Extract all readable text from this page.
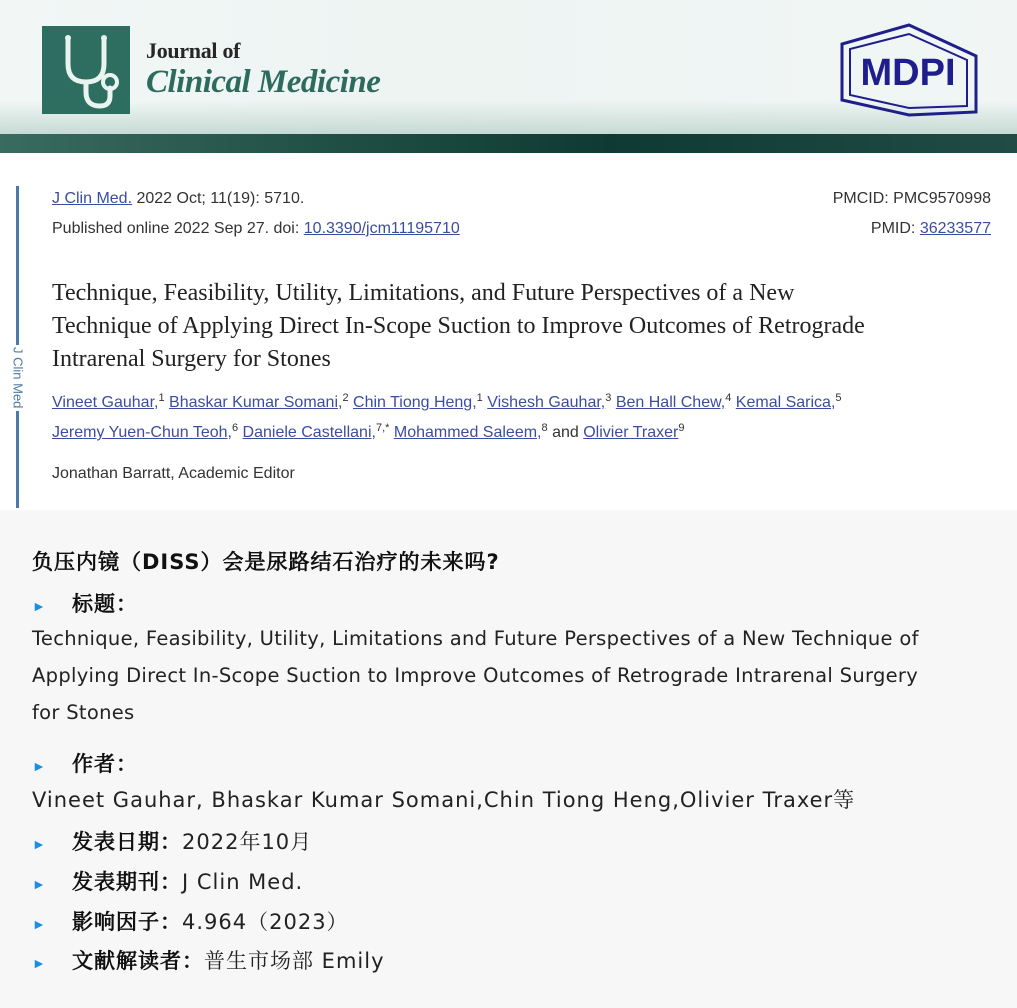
Journal of
Clinical Medicine	MDPI
J Clin Med
J Clin Med. 2022 Oct; 11(19): 5710.
Published online 2022 Sep 27. doi: 10.3390/jcm11195710
PMCID: PMC9570998
PMID: 36233577
Technique, Feasibility, Utility, Limitations, and Future Perspectives of a New
Technique of Applying Direct In-Scope Suction to Improve Outcomes of Retrograde
Intrarenal Surgery for Stones
Vineet Gauhar,$^1$ Bhaskar Kumar Somani,$^2$ Chin Tiong Heng,$^1$ Vishesh Gauhar,$^3$ Ben Hall Chew,$^4$ Kemal Sarica,$^5$
Jeremy Yuen-Chun Teoh,$^6$ Daniele Castellani,$^{7,*}$ Mohammed Saleem,$^8$ and Olivier Traxer$^9$
Jonathan Barratt, Academic Editor
负压内镜（DISS）会是尿路结石治疗的未来吗?
►	标题：
Technique, Feasibility, Utility, Limitations and Future Perspectives of a New Technique of
Applying Direct In-Scope Suction to Improve Outcomes of Retrograde Intrarenal Surgery
for Stones
►	作者：
Vineet Gauhar, Bhaskar Kumar Somani,Chin Tiong Heng,Olivier Traxer等
►	发表日期： 2022年10月
►	发表期刊： J Clin Med.
►	影响因子： 4.964（2023）
►	文献解读者： 普生市场部 Emily
